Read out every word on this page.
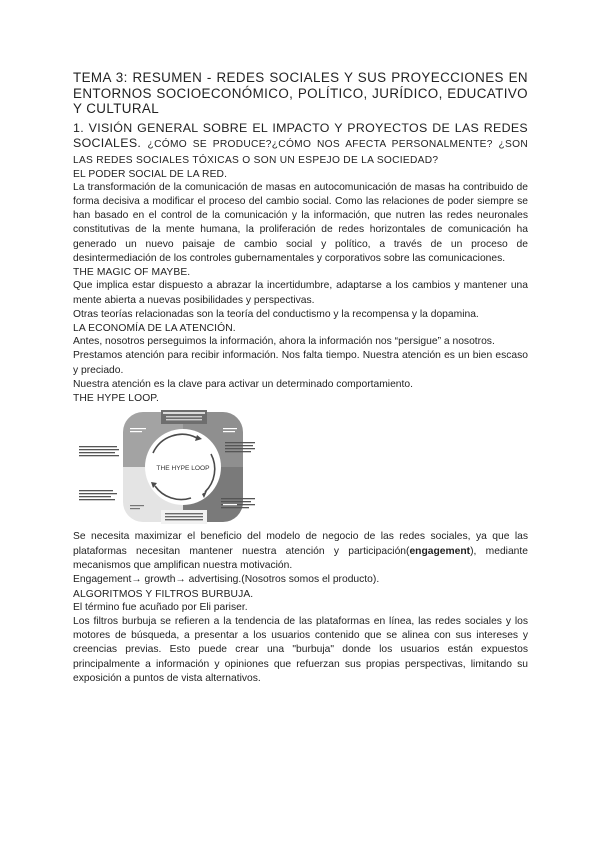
TEMA 3: RESUMEN - REDES SOCIALES Y SUS PROYECCIONES EN ENTORNOS SOCIOECONÓMICO, POLÍTICO, JURÍDICO, EDUCATIVO Y CULTURAL
1. VISIÓN GENERAL SOBRE EL IMPACTO Y PROYECTOS DE LAS REDES SOCIALES. ¿CÓMO SE PRODUCE?¿CÓMO NOS AFECTA PERSONALMENTE? ¿SON LAS REDES SOCIALES TÓXICAS O SON UN ESPEJO DE LA SOCIEDAD?
EL PODER SOCIAL DE LA RED.

La transformación de la comunicación de masas en autocomunicación de masas ha contribuido de forma decisiva a modificar el proceso del cambio social. Como las relaciones de poder siempre se han basado en el control de la comunicación y la información, que nutren las redes neuronales constitutivas de la mente humana, la proliferación de redes horizontales de comunicación ha generado un nuevo paisaje de cambio social y político, a través de un proceso de desintermediación de los controles gubernamentales y corporativos sobre las comunicaciones.

THE MAGIC OF MAYBE.

Que implica estar dispuesto a abrazar la incertidumbre, adaptarse a los cambios y mantener una mente abierta a nuevas posibilidades y perspectivas.

Otras teorías relacionadas son la teoría del conductismo y la recompensa y la dopamina.

LA ECONOMÍA DE LA ATENCIÓN.

Antes, nosotros perseguimos la información, ahora la información nos “persigue” a nosotros.

Prestamos atención para recibir información. Nos falta tiempo. Nuestra atención es un bien escaso y preciado.

Nuestra atención es la clave para activar un determinado comportamiento.

THE HYPE LOOP.
THE HYPE LOOP

Se necesita maximizar el beneficio del modelo de negocio de las redes sociales, ya que las plataformas necesitan mantener nuestra atención y participación(engagement), mediante mecanismos que amplifican nuestra motivación.

Engagement→ growth→ advertising.(Nosotros somos el producto).

ALGORITMOS Y FILTROS BURBUJA.

El término fue acuñado por Eli pariser.

Los filtros burbuja se refieren a la tendencia de las plataformas en línea, las redes sociales y los motores de búsqueda, a presentar a los usuarios contenido que se alinea con sus intereses y creencias previas. Esto puede crear una "burbuja" donde los usuarios están expuestos principalmente a información y opiniones que refuerzan sus propias perspectivas, limitando su exposición a puntos de vista alternativos.
